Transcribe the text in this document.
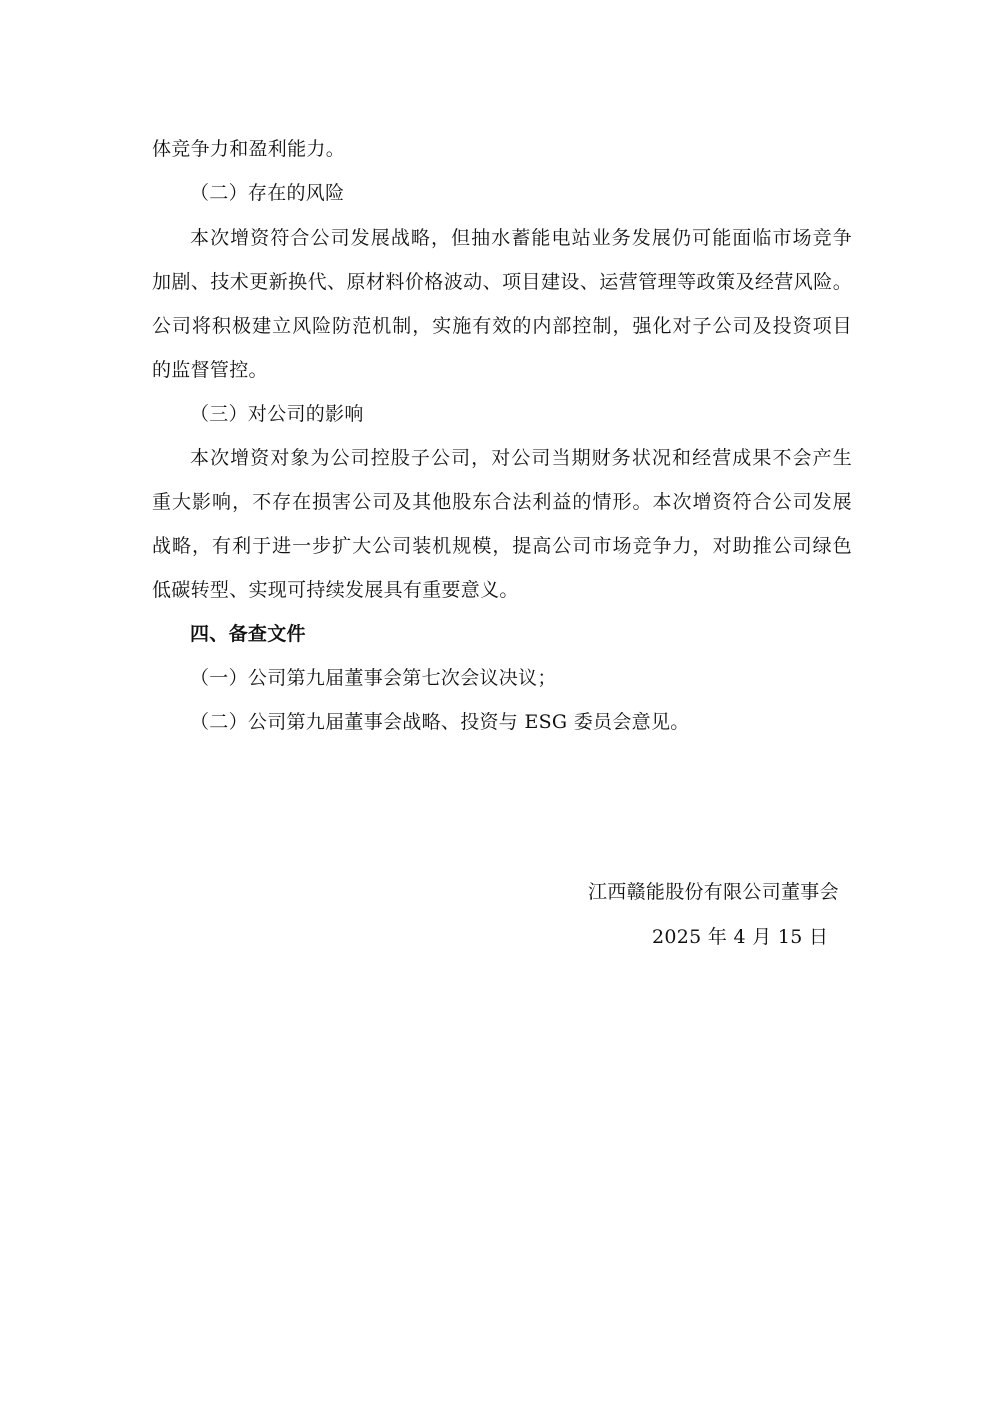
体竞争力和盈利能力。
（二）存在的风险
本次增资符合公司发展战略，但抽水蓄能电站业务发展仍可能面临市场竞争
加剧、技术更新换代、原材料价格波动、项目建设、运营管理等政策及经营风险。
公司将积极建立风险防范机制，实施有效的内部控制，强化对子公司及投资项目
的监督管控。
（三）对公司的影响
本次增资对象为公司控股子公司，对公司当期财务状况和经营成果不会产生
重大影响，不存在损害公司及其他股东合法利益的情形。本次增资符合公司发展
战略，有利于进一步扩大公司装机规模，提高公司市场竞争力，对助推公司绿色
低碳转型、实现可持续发展具有重要意义。
四、备查文件
（一）公司第九届董事会第七次会议决议；
（二）公司第九届董事会战略、投资与 ESG 委员会意见。
江西赣能股份有限公司董事会
2025 年 4 月 15 日
